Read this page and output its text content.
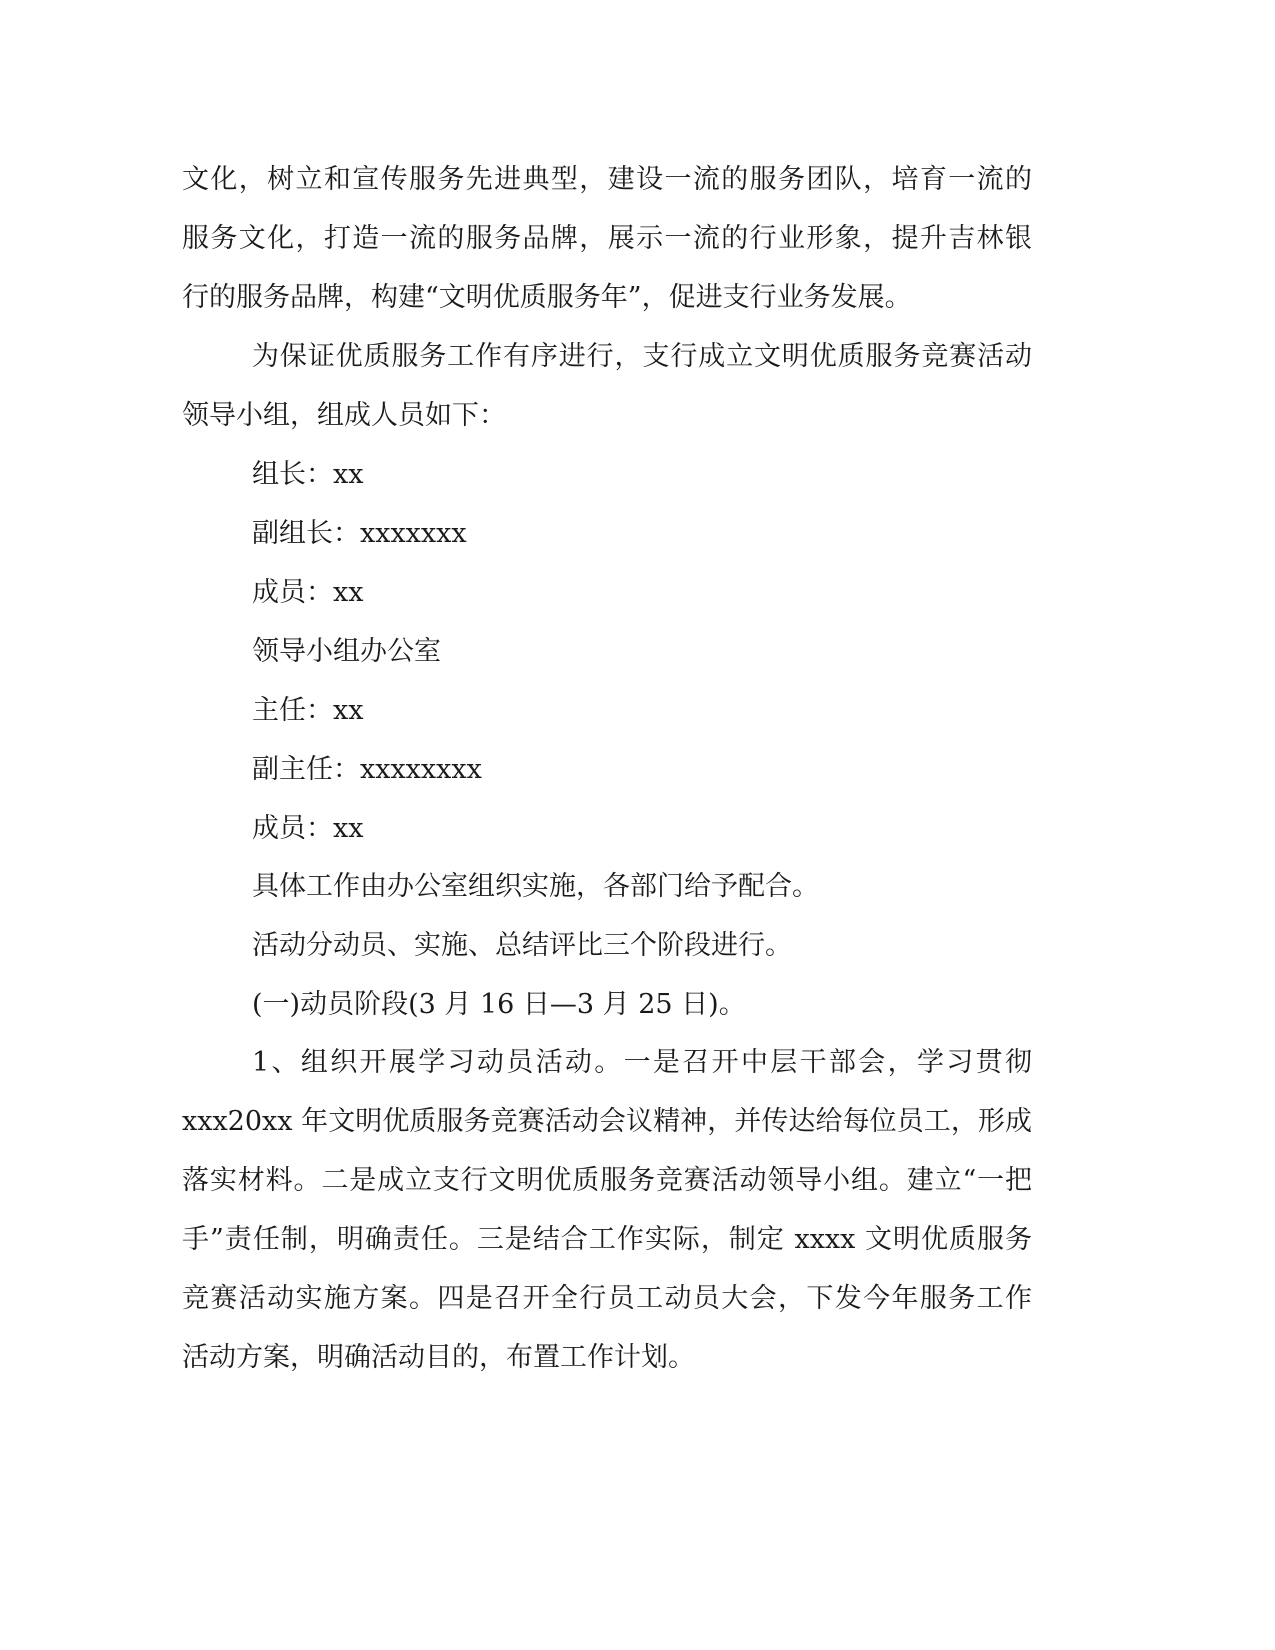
文化，树立和宣传服务先进典型，建设一流的服务团队，培育一流的
服务文化，打造一流的服务品牌，展示一流的行业形象，提升吉林银
行的服务品牌，构建“文明优质服务年”，促进支行业务发展。
为保证优质服务工作有序进行，支行成立文明优质服务竞赛活动
领导小组，组成人员如下：
组长：xx
副组长：xxxxxxx
成员：xx
领导小组办公室
主任：xx
副主任：xxxxxxxx
成员：xx
具体工作由办公室组织实施，各部门给予配合。
活动分动员、实施、总结评比三个阶段进行。
(一)动员阶段(3 月 16 日—3 月 25 日)。
1、组织开展学习动员活动。一是召开中层干部会，学习贯彻
xxx20xx 年文明优质服务竞赛活动会议精神，并传达给每位员工，形成
落实材料。二是成立支行文明优质服务竞赛活动领导小组。建立“一把
手”责任制，明确责任。三是结合工作实际，制定 xxxx 文明优质服务
竞赛活动实施方案。四是召开全行员工动员大会，下发今年服务工作
活动方案，明确活动目的，布置工作计划。
